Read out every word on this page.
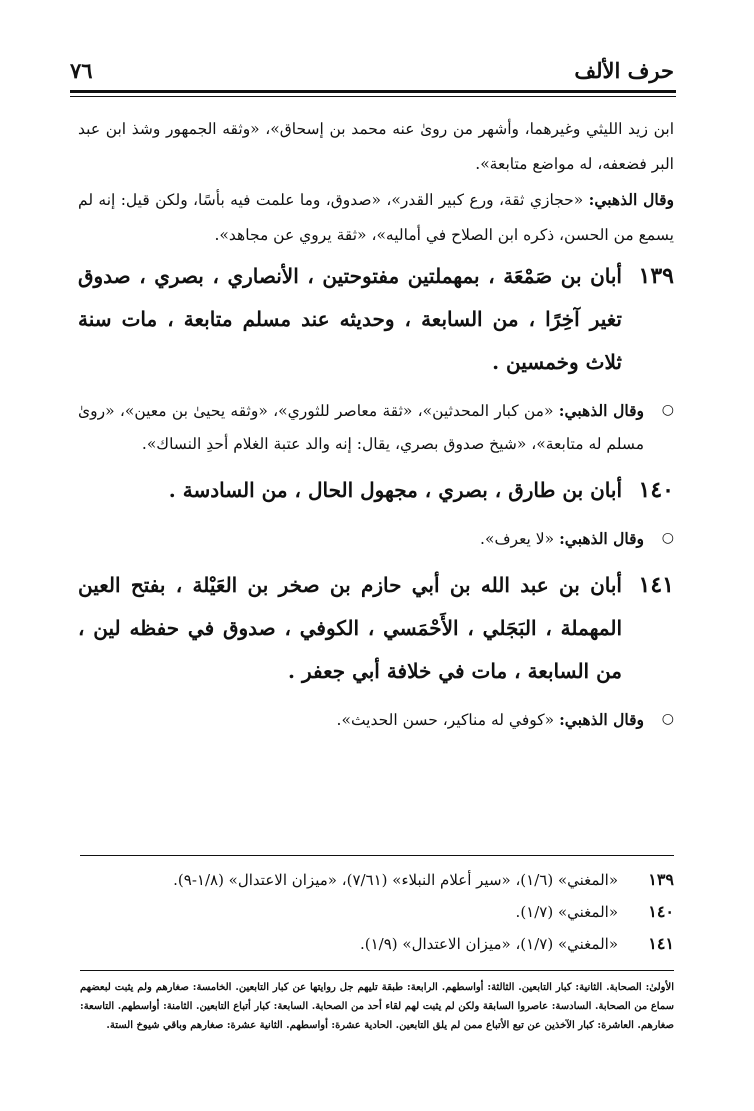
حرف الألف
٧٦
ابن زيد الليثي وغيرهما، وأشهر من روىٰ عنه محمد بن إسحاق»، «وثقه الجمهور وشذ ابن عبد البر فضعفه، له مواضع متابعة».
وقال الذهبي: «حجازي ثقة، ورع كبير القدر»، «صدوق، وما علمت فيه بأسًا، ولكن قيل: إنه لم يسمع من الحسن، ذكره ابن الصلاح في أماليه»، «ثقة يروي عن مجاهد».
١٣٩
أبان بن صَمْعَة ، بمهملتين مفتوحتين ، الأنصاري ، بصري ، صدوق تغير آخِرًا ، من السابعة ، وحديثه عند مسلم متابعة ، مات سنة ثلاث وخمسين .
○
وقال الذهبي: «من كبار المحدثين»، «ثقة معاصر للثوري»، «وثقه يحيىٰ بن معين»، «روىٰ مسلم له متابعة»، «شيخ صدوق بصري، يقال: إنه والد عتبة الغلام أحدِ النساك».
١٤٠
أبان بن طارق ، بصري ، مجهول الحال ، من السادسة .
○
وقال الذهبي: «لا يعرف».
١٤١
أبان بن عبد الله بن أبي حازم بن صخر بن العَيْلة ، بفتح العين المهملة ، البَجَلي ، الأَحْمَسي ، الكوفي ، صدوق في حفظه لين ، من السابعة ، مات في خلافة أبي جعفر .
○
وقال الذهبي: «كوفي له مناكير، حسن الحديث».
١٣٩
«المغني» (١/٦)، «سير أعلام النبلاء» (٧/٦١)، «ميزان الاعتدال» (١/٨-٩).
١٤٠
«المغني» (١/٧).
١٤١
«المغني» (١/٧)، «ميزان الاعتدال» (١/٩).
الأولىٰ: الصحابة. الثانية: كبار التابعين. الثالثة: أواسطهم. الرابعة: طبقة تليهم جل روايتها عن كبار التابعين. الخامسة: صغارهم ولم يثبت لبعضهم سماع من الصحابة. السادسة: عاصروا السابقة ولكن لم يثبت لهم لقاء أحد من الصحابة. السابعة: كبار أتباع التابعين. الثامنة: أواسطهم. التاسعة: صغارهم. العاشرة: كبار الآخذين عن تبع الأتباع ممن لم يلق التابعين. الحادية عشرة: أواسطهم. الثانية عشرة: صغارهم وباقي شيوخ الستة.
